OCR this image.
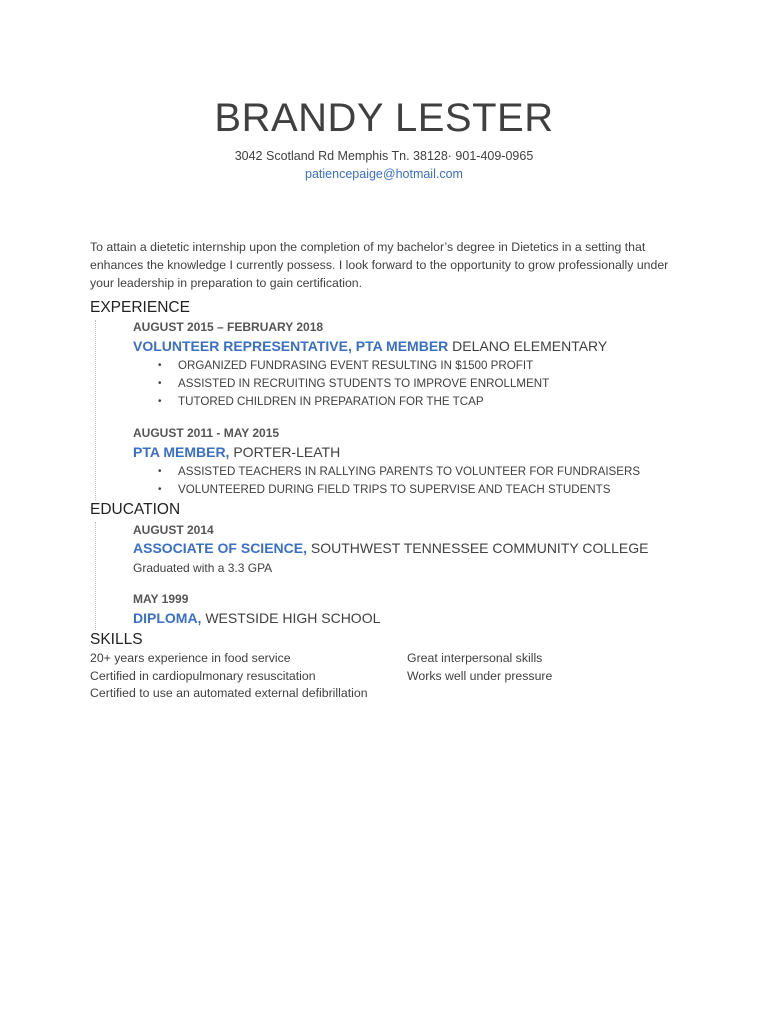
BRANDY LESTER
3042 Scotland Rd Memphis Tn. 38128· 901-409-0965
patiencepaige@hotmail.com
To attain a dietetic internship upon the completion of my bachelor’s degree in Dietetics in a setting that enhances the knowledge I currently possess. I look forward to the opportunity to grow professionally under your leadership in preparation to gain certification.
EXPERIENCE
AUGUST 2015 – FEBRUARY 2018
VOLUNTEER REPRESENTATIVE, PTA MEMBER DELANO ELEMENTARY
• ORGANIZED FUNDRASING EVENT RESULTING IN $1500 PROFIT
• ASSISTED IN RECRUITING STUDENTS TO IMPROVE ENROLLMENT
• TUTORED CHILDREN IN PREPARATION FOR THE TCAP
AUGUST 2011 - MAY 2015
PTA MEMBER, PORTER-LEATH
• ASSISTED TEACHERS IN RALLYING PARENTS TO VOLUNTEER FOR FUNDRAISERS
• VOLUNTEERED DURING FIELD TRIPS TO SUPERVISE AND TEACH STUDENTS
EDUCATION
AUGUST 2014
ASSOCIATE OF SCIENCE, SOUTHWEST TENNESSEE COMMUNITY COLLEGE
Graduated with a 3.3 GPA
MAY 1999
DIPLOMA, WESTSIDE HIGH SCHOOL
SKILLS
20+ years experience in food service
Certified in cardiopulmonary resuscitation
Certified to use an automated external defibrillation
Great interpersonal skills
Works well under pressure
